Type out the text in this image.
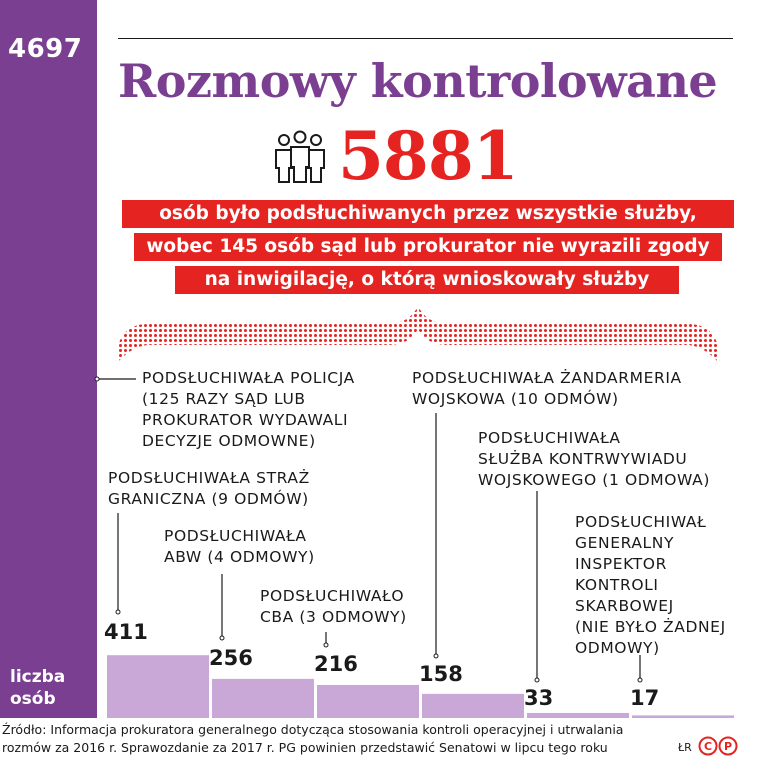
4697
liczba osób
Rozmowy kontrolowane
5881
osób było podsłuchiwanych przez wszystkie służby,
wobec 145 osób sąd lub prokurator nie wyrazili zgody
na inwigilację, o którą wnioskowały służby
PODSŁUCHIWAŁA POLICJA
(125 RAZY SĄD LUB
PROKURATOR WYDAWALI
DECYZJE ODMOWNE)
PODSŁUCHIWAŁA STRAŻ
GRANICZNA (9 ODMÓW)
PODSŁUCHIWAŁA
ABW (4 ODMOWY)
PODSŁUCHIWAŁO
CBA (3 ODMOWY)
PODSŁUCHIWAŁA ŻANDARMERIA
WOJSKOWA (10 ODMÓW)
PODSŁUCHIWAŁA
SŁUŻBA KONTRWYWIADU
WOJSKOWEGO (1 ODMOWA)
PODSŁUCHIWAŁ
GENERALNY
INSPEKTOR
KONTROLI
SKARBOWEJ
(NIE BYŁO ŻADNEJ
ODMOWY)
411
256	216	158
33	17
Źródło: Informacja prokuratora generalnego dotycząca stosowania kontroli operacyjnej i utrwalania
rozmów za 2016 r. Sprawozdanie za 2017 r. PG powinien przedstawić Senatowi w lipcu tego roku	ŁR C P
